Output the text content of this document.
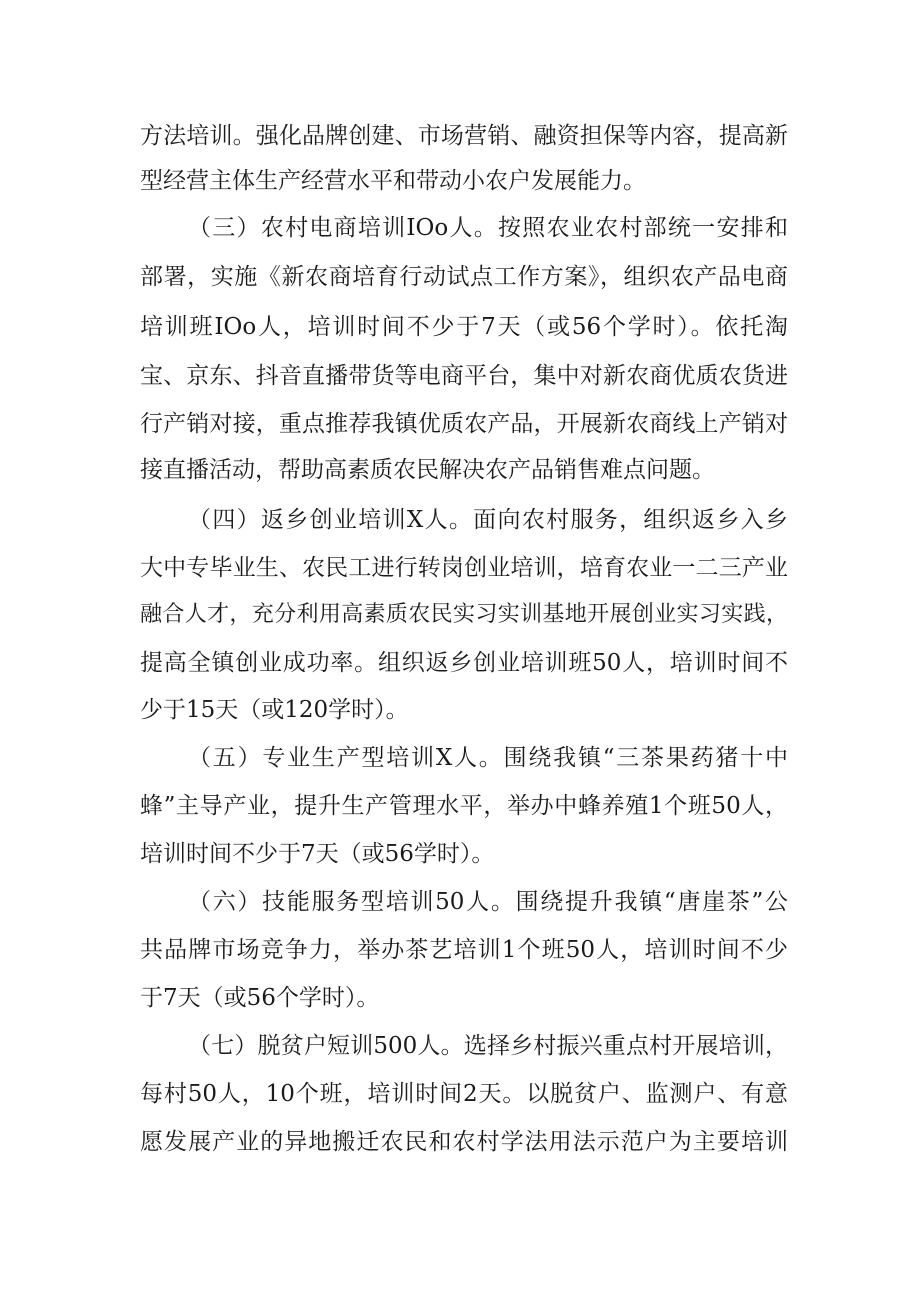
方法培训。强化品牌创建、市场营销、融资担保等内容，提高新
型经营主体生产经营水平和带动小农户发展能力。
（三）农村电商培训IOo人。按照农业农村部统一安排和
部署，实施《新农商培育行动试点工作方案》，组织农产品电商
培训班IOo人，培训时间不少于7天（或56个学时）。依托淘
宝、京东、抖音直播带货等电商平台，集中对新农商优质农货进
行产销对接，重点推荐我镇优质农产品，开展新农商线上产销对
接直播活动，帮助高素质农民解决农产品销售难点问题。
（四）返乡创业培训X人。面向农村服务，组织返乡入乡
大中专毕业生、农民工进行转岗创业培训，培育农业一二三产业
融合人才，充分利用高素质农民实习实训基地开展创业实习实践，
提高全镇创业成功率。组织返乡创业培训班50人，培训时间不
少于15天（或120学时）。
（五）专业生产型培训X人。围绕我镇“三茶果药猪十中
蜂”主导产业，提升生产管理水平，举办中蜂养殖1个班50人，
培训时间不少于7天（或56学时）。
（六）技能服务型培训50人。围绕提升我镇“唐崖茶”公
共品牌市场竞争力，举办茶艺培训1个班50人，培训时间不少
于7天（或56个学时）。
（七）脱贫户短训500人。选择乡村振兴重点村开展培训，
每村50人，10个班，培训时间2天。以脱贫户、监测户、有意
愿发展产业的异地搬迁农民和农村学法用法示范户为主要培训
